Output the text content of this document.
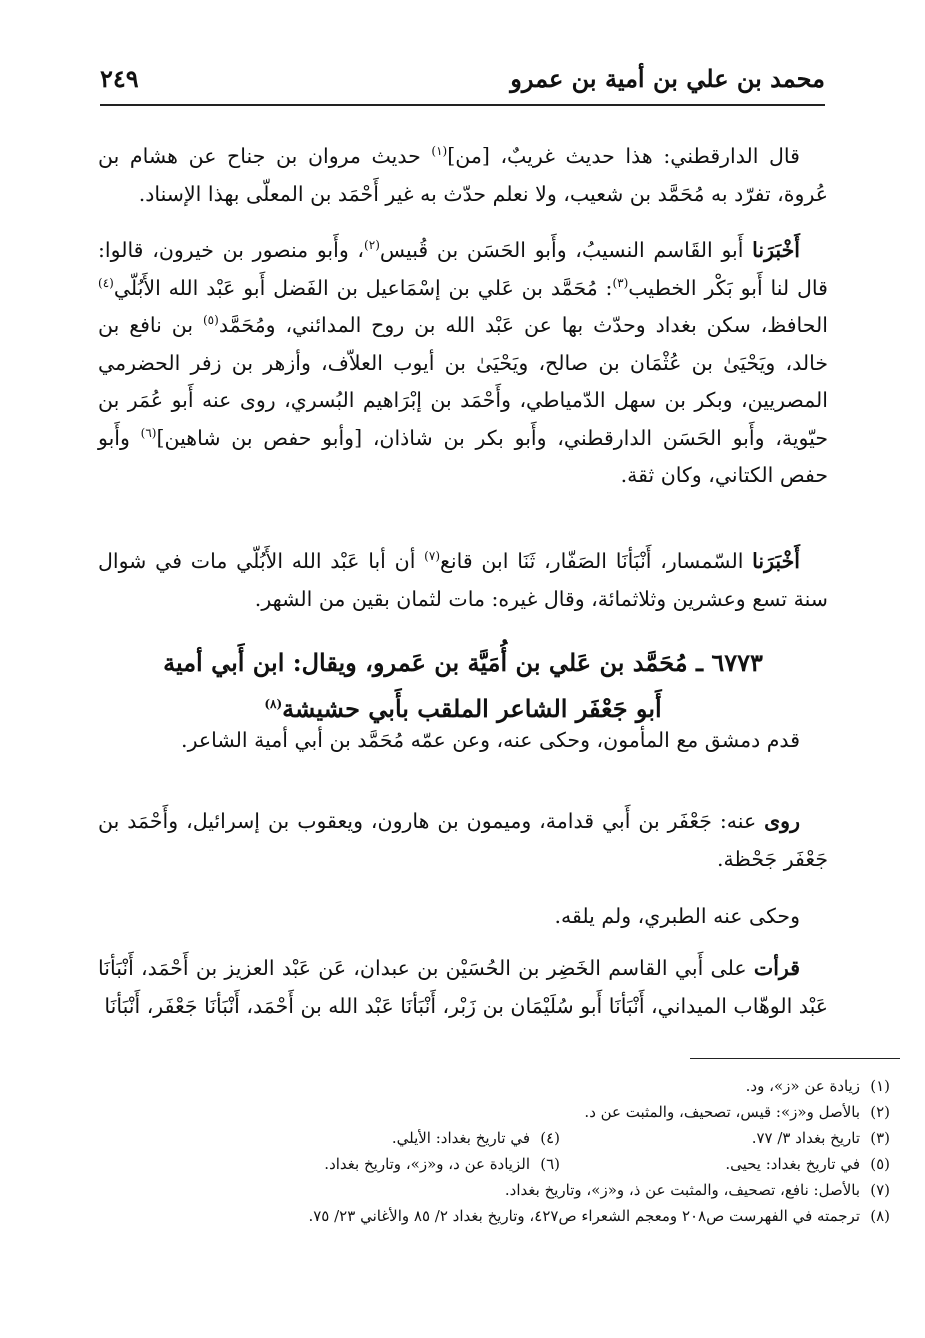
محمد بن علي بن أمية بن عمرو
٢٤٩

قال الدارقطني: هذا حديث غريبٌ، [من]$^{(١)}$ حديث مروان بن جناح عن هشام بن عُروة، تفرّد به مُحَمَّد بن شعيب، ولا نعلم حدّث به غير أَحْمَد بن المعلّى بهذا الإسناد.

أَخْبَرَنا أَبو القَاسم النسيبُ، وأَبو الحَسَن بن قُبيس$^{(٢)}$، وأَبو منصور بن خيرون، قالوا: قال لنا أَبو بَكْر الخطيب$^{(٣)}$: مُحَمَّد بن عَلي بن إسْمَاعيل بن الفَضل أَبو عَبْد الله الأَبُلّي$^{(٤)}$ الحافظ، سكن بغداد وحدّث بها عن عَبْد الله بن روح المدائني، ومُحَمَّد$^{(٥)}$ بن نافع بن خالد، ويَحْيَىٰ بن عُثْمَان بن صالح، ويَحْيَىٰ بن أيوب العلاّف، وأزهر بن زفر الحضرمي المصريين، وبكر بن سهل الدّمياطي، وأَحْمَد بن إبْرَاهيم البُسري، روى عنه أَبو عُمَر بن حيّوية، وأَبو الحَسَن الدارقطني، وأَبو بكر بن شاذان، [وأبو حفص بن شاهين]$^{(٦)}$ وأَبو حفص الكتاني، وكان ثقة.

أَخْبَرَنا السّمسار، أَنْبَأنَا الصَفّار، ثَنَا ابن قانع$^{(٧)}$ أن أبا عَبْد الله الأَبُلّي مات في شوال سنة تسع وعشرين وثلاثمائة، وقال غيره: مات لثمان بقين من الشهر.

٦٧٧٣ ـ مُحَمَّد بن عَلي بن أُمَيَّة بن عَمرو، ويقال: ابن أَبي أمية

أَبو جَعْفَر الشاعر الملقب بأَبي حشيشة$^{(٨)}$

قدم دمشق مع المأمون، وحكى عنه، وعن عمّه مُحَمَّد بن أبي أمية الشاعر.

روى عنه: جَعْفَر بن أَبي قدامة، وميمون بن هارون، ويعقوب بن إسرائيل، وأَحْمَد بن جَعْفَر جَحْظة.

وحكى عنه الطبري، ولم يلقه.

قرأت على أَبي القاسم الخَضِر بن الحُسَيْن بن عبدان، عَن عَبْد العزيز بن أَحْمَد، أَنْبَأنَا عَبْد الوهّاب الميداني، أَنْبَأنَا أَبو سُلَيْمَان بن زَبْر، أَنْبَأنَا عَبْد الله بن أَحْمَد، أَنْبَأنَا جَعْفَر، أَنْبَأنَا

(١)
زيادة عن «ز»، ود.
(٢)
بالأصل و«ز»: قيس، تصحيف، والمثبت عن د.
(٣)
تاريخ بغداد ٣/ ٧٧.
(٤)
في تاريخ بغداد: الأيلي.
(٥)
في تاريخ بغداد: يحيى.
(٦)
الزيادة عن د، و«ز»، وتاريخ بغداد.
(٧)
بالأصل: نافع، تصحيف، والمثبت عن ذ، و«ز»، وتاريخ بغداد.
(٨)
ترجمته في الفهرست ص٢٠٨ ومعجم الشعراء ص٤٢٧، وتاريخ بغداد ٢/ ٨٥ والأغاني ٢٣/ ٧٥.
